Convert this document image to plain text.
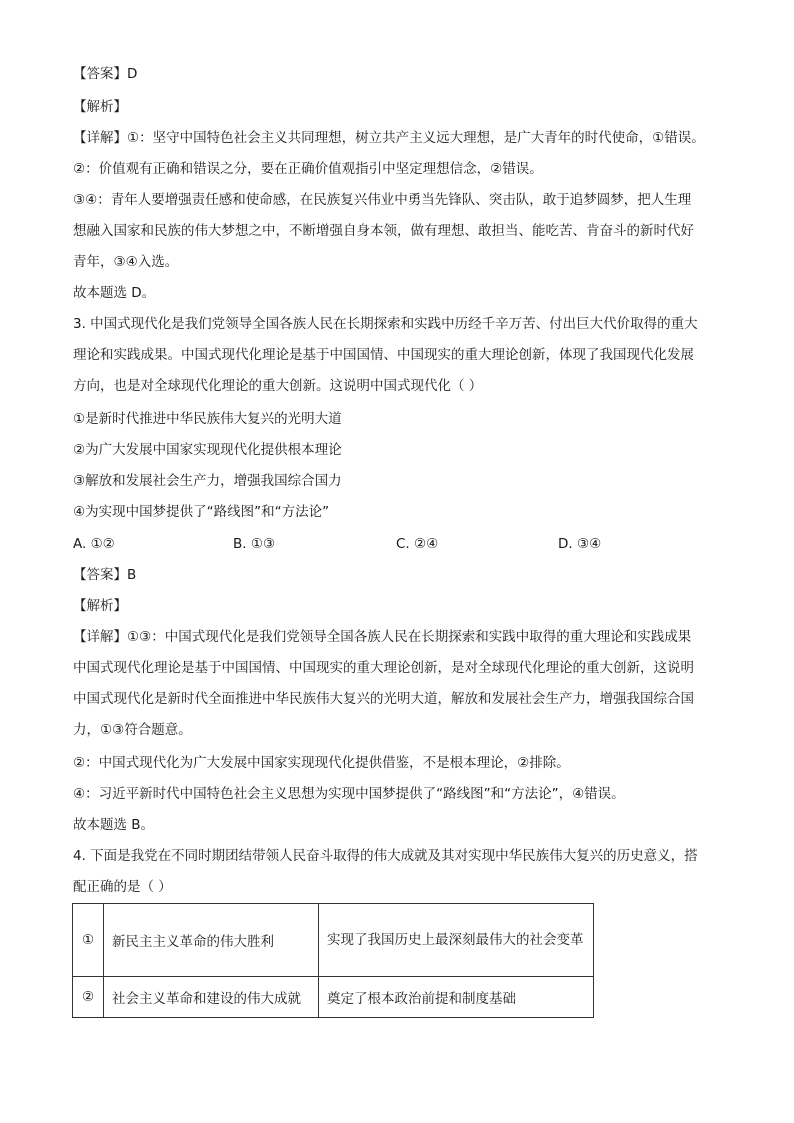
【答案】D
【解析】
【详解】①：坚守中国特色社会主义共同理想，树立共产主义远大理想，是广大青年的时代使命，①错误。
②：价值观有正确和错误之分，要在正确价值观指引中坚定理想信念，②错误。
③④：青年人要增强责任感和使命感，在民族复兴伟业中勇当先锋队、突击队，敢于追梦圆梦，把人生理
想融入国家和民族的伟大梦想之中，不断增强自身本领，做有理想、敢担当、能吃苦、肯奋斗的新时代好
青年，③④入选。
故本题选 D。
3. 中国式现代化是我们党领导全国各族人民在长期探索和实践中历经千辛万苦、付出巨大代价取得的重大
理论和实践成果。中国式现代化理论是基于中国国情、中国现实的重大理论创新，体现了我国现代化发展
方向，也是对全球现代化理论的重大创新。这说明中国式现代化（ ）
①是新时代推进中华民族伟大复兴的光明大道
②为广大发展中国家实现现代化提供根本理论
③解放和发展社会生产力，增强我国综合国力
④为实现中国梦提供了“路线图”和“方法论”
A. ①②	B. ①③	C. ②④	D. ③④
【答案】B
【解析】
【详解】①③：中国式现代化是我们党领导全国各族人民在长期探索和实践中取得的重大理论和实践成果
中国式现代化理论是基于中国国情、中国现实的重大理论创新，是对全球现代化理论的重大创新，这说明
中国式现代化是新时代全面推进中华民族伟大复兴的光明大道，解放和发展社会生产力，增强我国综合国
力，①③符合题意。
②：中国式现代化为广大发展中国家实现现代化提供借鉴，不是根本理论，②排除。
④：习近平新时代中国特色社会主义思想为实现中国梦提供了“路线图”和“方法论”，④错误。
故本题选 B。
4. 下面是我党在不同时期团结带领人民奋斗取得的伟大成就及其对实现中华民族伟大复兴的历史意义，搭
配正确的是（ ）
①	新民主主义革命的伟大胜利	实现了我国历史上最深刻最伟大的社会变革
②	社会主义革命和建设的伟大成就	奠定了根本政治前提和制度基础
